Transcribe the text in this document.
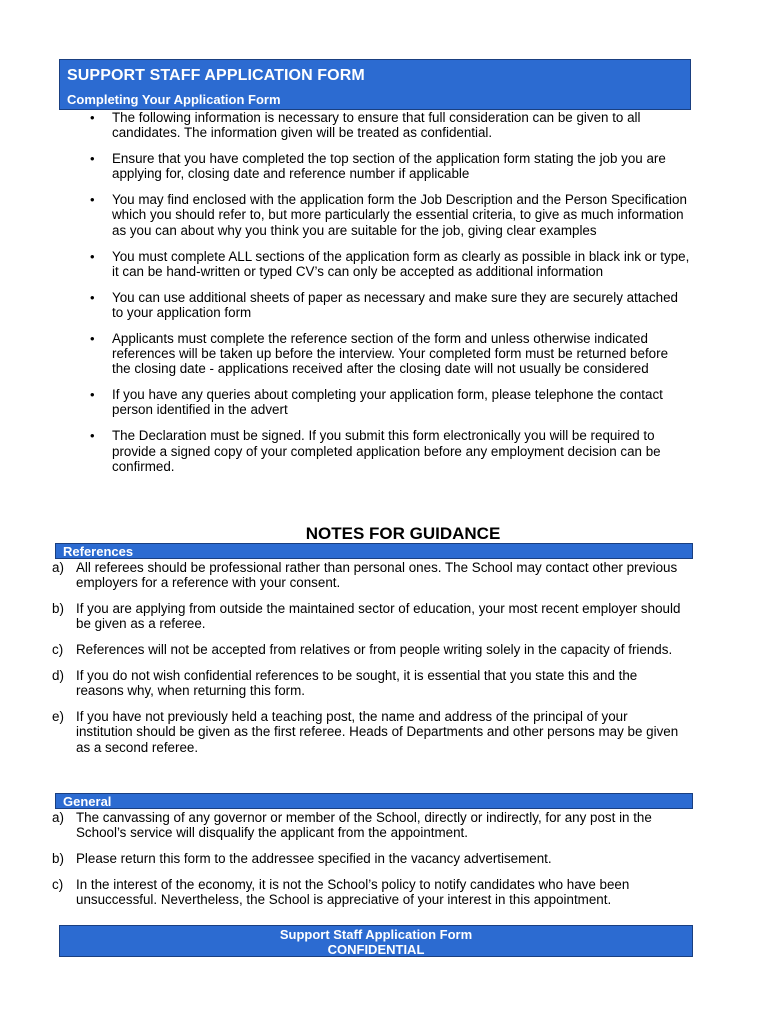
SUPPORT STAFF APPLICATION FORM
Completing Your Application Form
• The following information is necessary to ensure that full consideration can be given to all candidates. The information given will be treated as confidential.
• Ensure that you have completed the top section of the application form stating the job you are applying for, closing date and reference number if applicable
• You may find enclosed with the application form the Job Description and the Person Specification which you should refer to, but more particularly the essential criteria, to give as much information as you can about why you think you are suitable for the job, giving clear examples
• You must complete ALL sections of the application form as clearly as possible in black ink or type, it can be hand-written or typed CV’s can only be accepted as additional information
• You can use additional sheets of paper as necessary and make sure they are securely attached to your application form
• Applicants must complete the reference section of the form and unless otherwise indicated references will be taken up before the interview. Your completed form must be returned before the closing date - applications received after the closing date will not usually be considered
• If you have any queries about completing your application form, please telephone the contact person identified in the advert
• The Declaration must be signed. If you submit this form electronically you will be required to provide a signed copy of your completed application before any employment decision can be confirmed.
NOTES FOR GUIDANCE
References
a) All referees should be professional rather than personal ones. The School may contact other previous employers for a reference with your consent.
b) If you are applying from outside the maintained sector of education, your most recent employer should be given as a referee.
c) References will not be accepted from relatives or from people writing solely in the capacity of friends.
d) If you do not wish confidential references to be sought, it is essential that you state this and the reasons why, when returning this form.
e) If you have not previously held a teaching post, the name and address of the principal of your institution should be given as the first referee. Heads of Departments and other persons may be given as a second referee.
General
a) The canvassing of any governor or member of the School, directly or indirectly, for any post in the School’s service will disqualify the applicant from the appointment.
b) Please return this form to the addressee specified in the vacancy advertisement.
c) In the interest of the economy, it is not the School’s policy to notify candidates who have been unsuccessful. Nevertheless, the School is appreciative of your interest in this appointment.
Support Staff Application Form
CONFIDENTIAL
